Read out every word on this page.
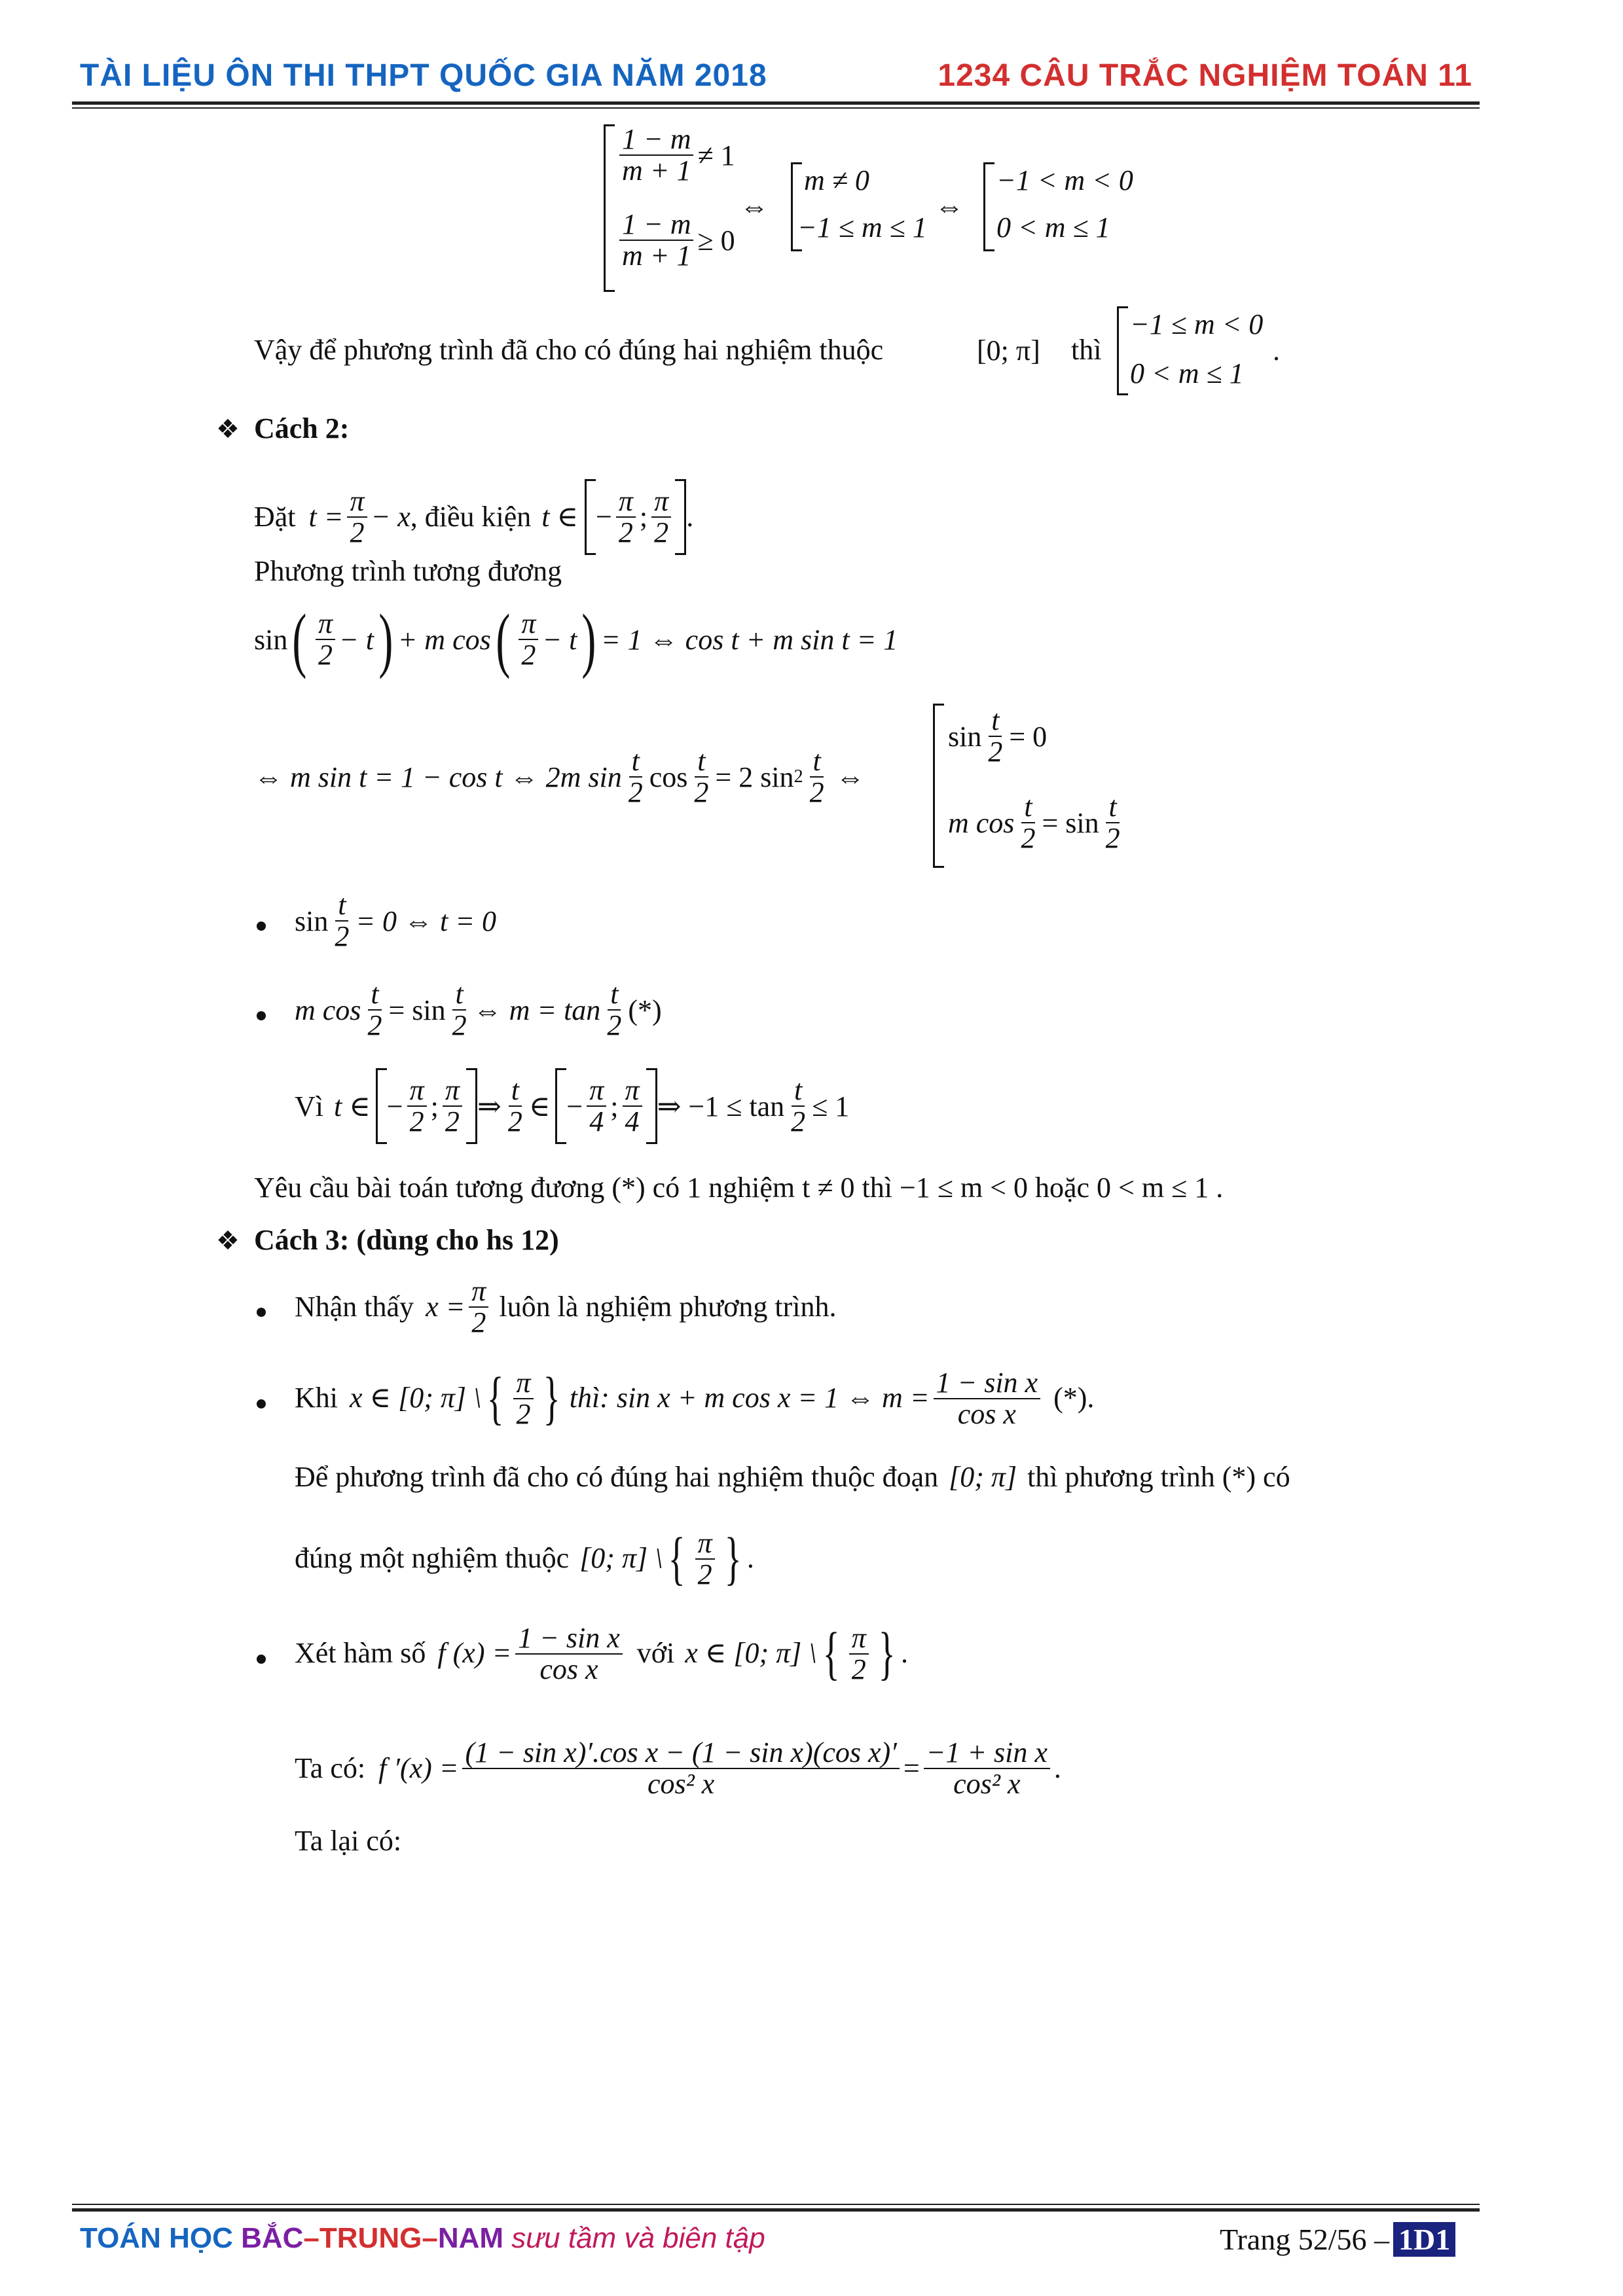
TÀI LIỆU ÔN THI THPT QUỐC GIA NĂM 2018	1234 CÂU TRẮC NGHIỆM TOÁN 11
$\frac{1 - m}{m + 1} \ne 1$
$\frac{1 - m}{m + 1} \ge 0$
⇔
m ≠ 0
−1 ≤ m ≤ 1
⇔
−1 < m < 0
0 < m ≤ 1
Vậy để phương trình đã cho có đúng hai nghiệm thuộc	[0; π] thì
−1 ≤ m < 0
0 < m ≤ 1
.
❖ Cách 2:
Đặt $t = \frac{\pi}{2} - x$ , điều kiện t ∈ − $\frac{\pi}{2}$ ; $\frac{\pi}{2}$ .
Phương trình tương đương
sin ( $\frac{\pi}{2} - t$ ) + m cos ( $\frac{\pi}{2} - t$ ) = 1 ⇔ cos t + m sin t = 1
⇔ m sin t = 1 − cos t ⇔ 2m $\sin \frac{t}{2}$ $\cos \frac{t}{2} = 2$ $\sin 2 \frac{t}{2}$ ⇔
$\sin \frac{t}{2} = 0$
m $\cos \frac{t}{2} = \sin \frac{t}{2}$
$\sin \frac{t}{2} = 0$ ⇔ t = 0
m $\cos \frac{t}{2} = \sin \frac{t}{2}$ ⇔ $m = \tan \frac{t}{2}$ (*)
Vì t ∈ − $\frac{\pi}{2}$ ; $\frac{\pi}{2}$ ⇒ $\frac{t}{2}$ ∈ − $\frac{\pi}{4}$ ; $\frac{\pi}{4}$ ⇒ $-1 \le \tan \frac{t}{2} \le 1$
Yêu cầu bài toán tương đương (*) có 1 nghiệm t ≠ 0 thì −1 ≤ m < 0 hoặc 0 < m ≤ 1 .
❖ Cách 3: (dùng cho hs 12)
Nhận thấy $x = \frac{\pi}{2}$ luôn là nghiệm phương trình.
Khi x ∈ [0; π] \ { $\frac{\pi}{2}$ } thì: sin x + m cos x = 1 ⇔ $m = \frac{\text{1 − sin x}}{\text{cos x}}$ (*).
Để phương trình đã cho có đúng hai nghiệm thuộc đoạn [0; π] thì phương trình (*) có
đúng một nghiệm thuộc [0; π] \ { $\frac{\pi}{2}$ } .
Xét hàm số f $(x) = \frac{\text{1 − sin x}}{\text{cos x}}$ với x ∈ [0; π] \ { $\frac{\pi}{2}$ } .
Ta có: f $'(x) = \frac{\text{(1 − sin x)′.cos x − (1 − sin x)(cos x)′}}{\text{cos² x}} = \frac{\text{−1 + sin x}}{\text{cos² x}}$ .
Ta lại có:
TOÁN HỌC BẮC–TRUNG–NAM sưu tầm và biên tập	Trang 52/56 – 1D1
